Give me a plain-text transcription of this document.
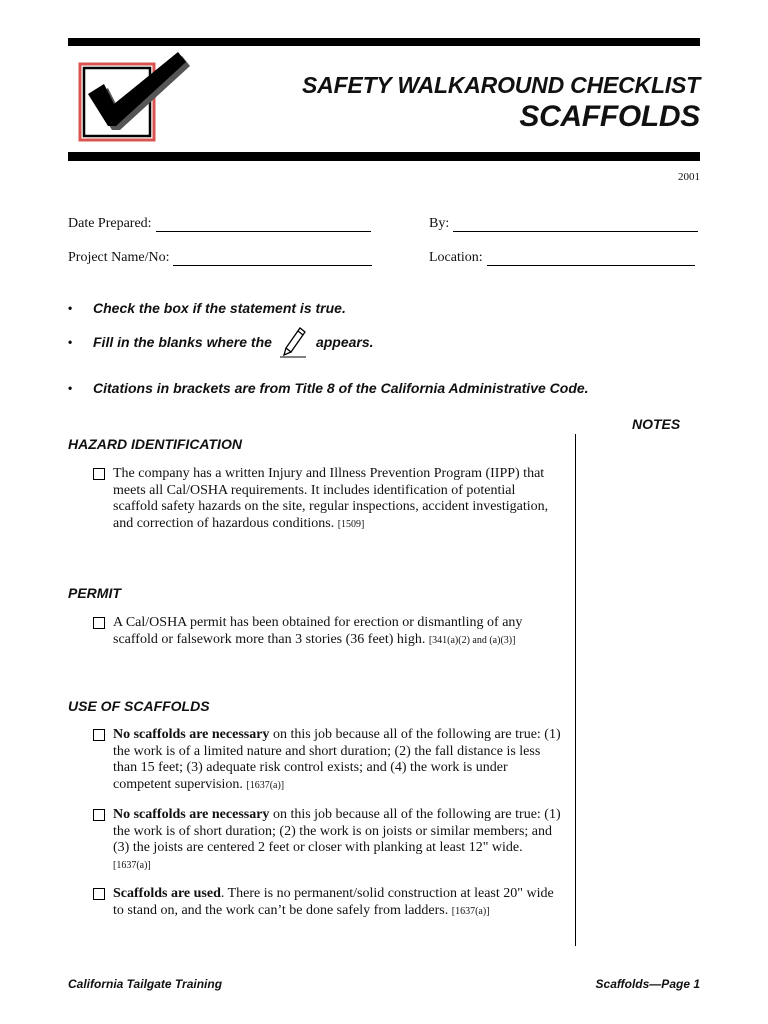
SAFETY WALKAROUND CHECKLIST
SCAFFOLDS
2001
Date Prepared:	By:
Project Name/No:	Location:
•	Check the box if the statement is true.
•	Fill in the blanks where the	appears.
•	Citations in brackets are from Title 8 of the California Administrative Code.
NOTES
HAZARD IDENTIFICATION
The company has a written Injury and Illness Prevention Program (IIPP) that meets all Cal/OSHA requirements. It includes identification of potential scaffold safety hazards on the site, regular inspections, accident investigation, and correction of hazardous conditions. [1509]
PERMIT
A Cal/OSHA permit has been obtained for erection or dismantling of any scaffold or falsework more than 3 stories (36 feet) high. [341(a)(2) and (a)(3)]
USE OF SCAFFOLDS
No scaffolds are necessary on this job because all of the following are true: (1) the work is of a limited nature and short duration; (2) the fall distance is less than 15 feet; (3) adequate risk control exists; and (4) the work is under competent supervision. [1637(a)]
No scaffolds are necessary on this job because all of the following are true: (1) the work is of short duration; (2) the work is on joists or similar members; and (3) the joists are centered 2 feet or closer with planking at least 12" wide. [1637(a)]
Scaffolds are used. There is no permanent/solid construction at least 20" wide to stand on, and the work can’t be done safely from ladders. [1637(a)]
California Tailgate Training	Scaffolds—Page 1
